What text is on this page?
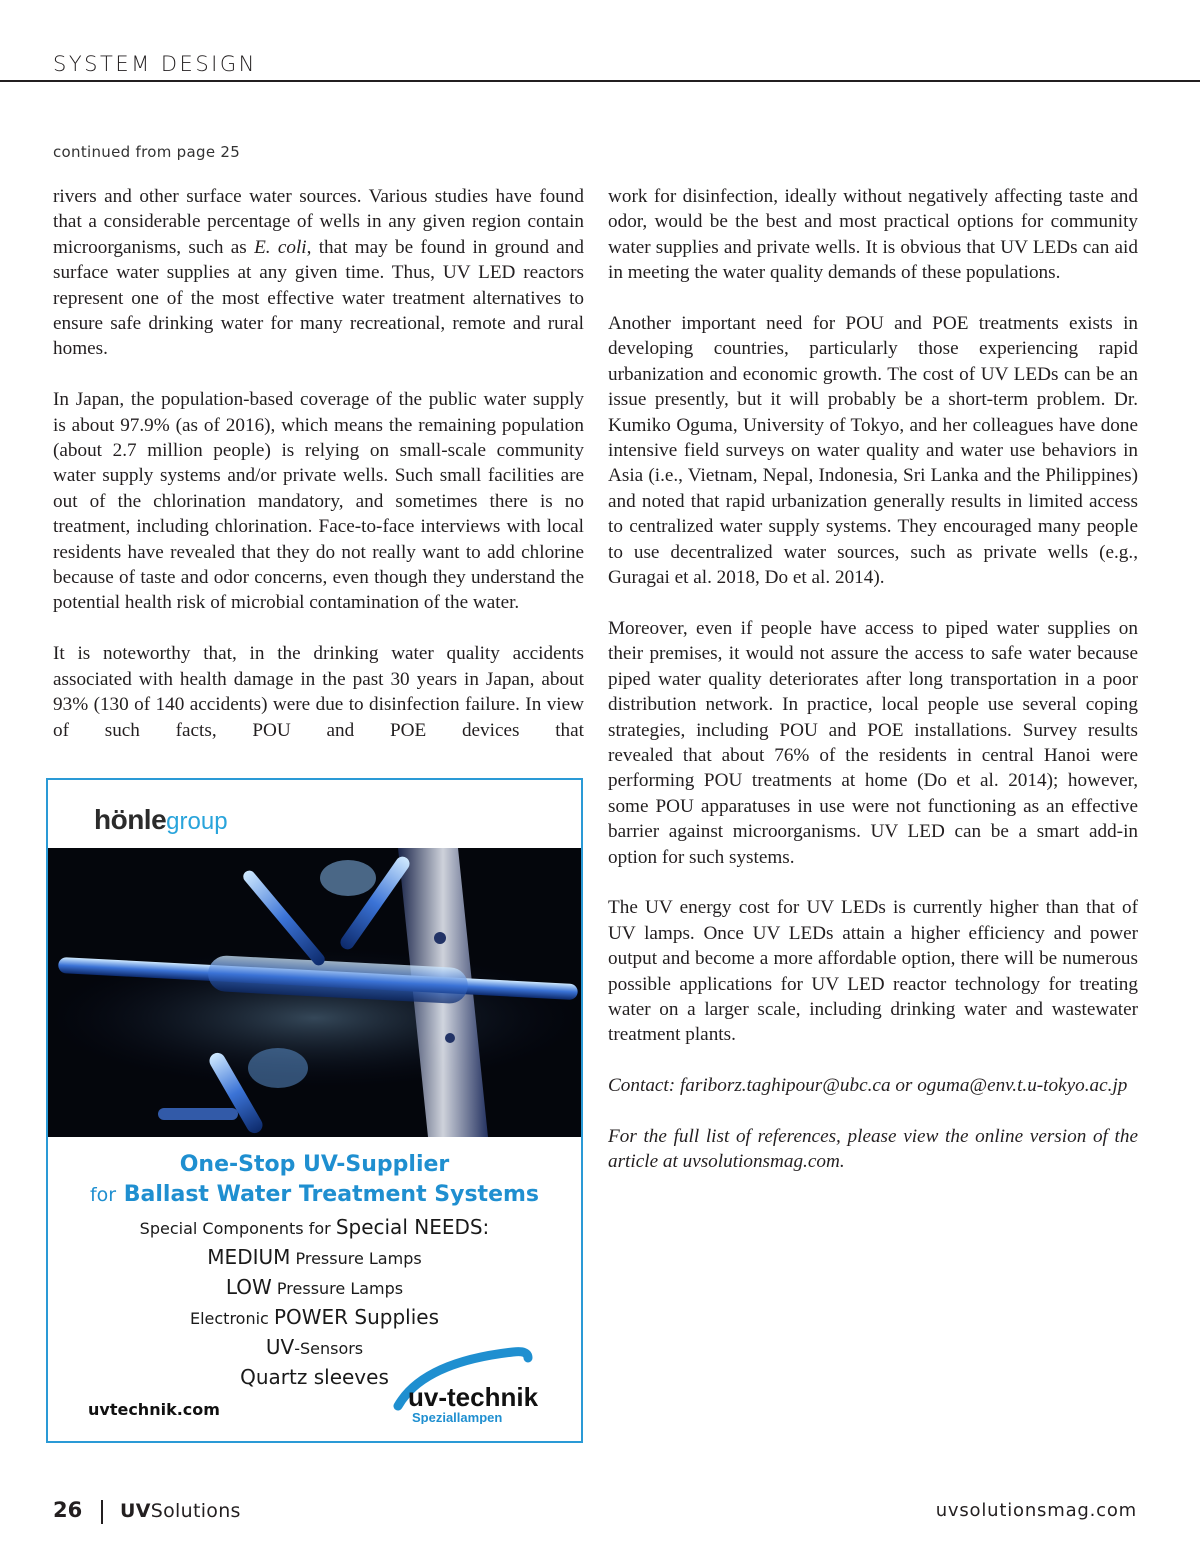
SYSTEM DESIGN
continued from page 25

rivers and other surface water sources. Various studies have found that a considerable percentage of wells in any given region contain microorganisms, such as E. coli, that may be found in ground and surface water supplies at any given time. Thus, UV LED reactors represent one of the most effective water treatment alternatives to ensure safe drinking water for many recreational, remote and rural homes.

In Japan, the population-based coverage of the public water supply is about 97.9% (as of 2016), which means the remaining population (about 2.7 million people) is relying on small-scale community water supply systems and/or private wells. Such small facilities are out of the chlorination mandatory, and sometimes there is no treatment, including chlorination. Face-to-face interviews with local residents have revealed that they do not really want to add chlorine because of taste and odor concerns, even though they understand the potential health risk of microbial contamination of the water.

It is noteworthy that, in the drinking water quality accidents associated with health damage in the past 30 years in Japan, about 93% (130 of 140 accidents) were due to disinfection failure. In view of such facts, POU and POE devices that

work for disinfection, ideally without negatively affecting taste and odor, would be the best and most practical options for community water supplies and private wells. It is obvious that UV LEDs can aid in meeting the water quality demands of these populations.

Another important need for POU and POE treatments exists in developing countries, particularly those experiencing rapid urbanization and economic growth. The cost of UV LEDs can be an issue presently, but it will probably be a short-term problem. Dr. Kumiko Oguma, University of Tokyo, and her colleagues have done intensive field surveys on water quality and water use behaviors in Asia (i.e., Vietnam, Nepal, Indonesia, Sri Lanka and the Philippines) and noted that rapid urbanization generally results in limited access to centralized water supply systems. They encouraged many people to use decentralized water sources, such as private wells (e.g., Guragai et al. 2018, Do et al. 2014).

Moreover, even if people have access to piped water supplies on their premises, it would not assure the access to safe water because piped water quality deteriorates after long transportation in a poor distribution network. In practice, local people use several coping strategies, including POU and POE installations. Survey results revealed that about 76% of the residents in central Hanoi were performing POU treatments at home (Do et al. 2014); however, some POU apparatuses in use were not functioning as an effective barrier against microorganisms. UV LED can be a smart add-in option for such systems.

The UV energy cost for UV LEDs is currently higher than that of UV lamps. Once UV LEDs attain a higher efficiency and power output and become a more affordable option, there will be numerous possible applications for UV LED reactor technology for treating water on a larger scale, including drinking water and wastewater treatment plants.

Contact: fariborz.taghipour@ubc.ca or oguma@env.t.u-tokyo.ac.jp

For the full list of references, please view the online version of the article at uvsolutionsmag.com.

hönlegroup
One-Stop UV-Supplier
for Ballast Water Treatment Systems
Special Components for Special NEEDS:
MEDIUM Pressure Lamps
LOW Pressure Lamps
Electronic POWER Supplies
UV-Sensors
Quartz sleeves
uvtechnik.com	uv-technik
Speziallampen
26 UVSolutions	uvsolutionsmag.com
